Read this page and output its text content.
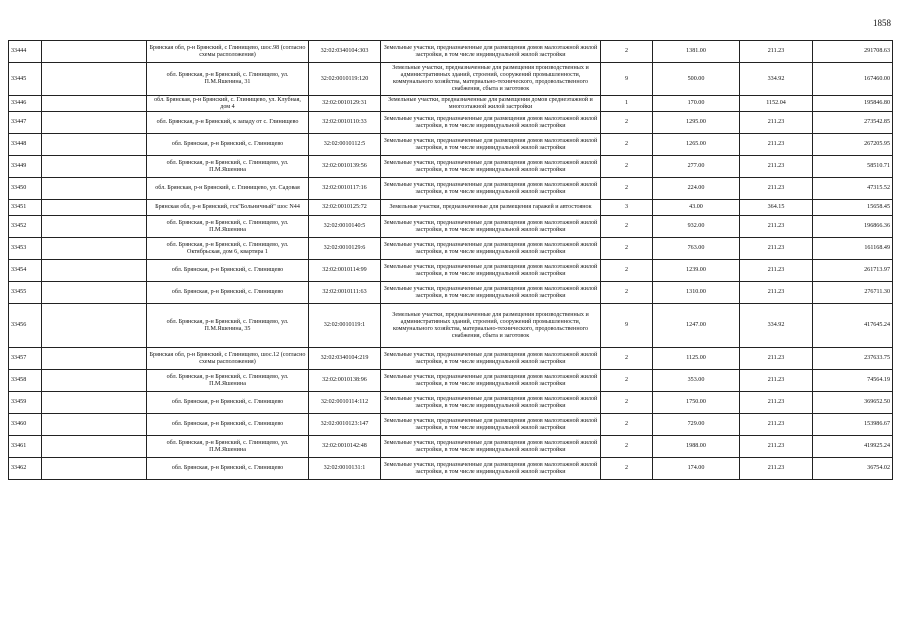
1858
33444		Брянская обл, р-н Брянский, с Глинищево, шос.98 (согласно схемы расположения)	32:02:0340104:303	Земельные участки, предназначенные для размещения домов малоэтажной жилой застройки, в том числе индивидуальной жилой застройки	2	1381.00	211.23	291708.63
33445		обл. Брянская, р-н Брянский, с. Глинищево, ул. П.М.Яшенина, 31	32:02:0010119:120	Земельные участки, предназначенные для размещения производственных и административных зданий, строений, сооружений промышленности, коммунального хозяйства, материально-технического, продовольственного снабжения, сбыта и заготовок	9	500.00	334.92	167460.00
33446		обл. Брянская, р-н Брянский, с. Глинищево, ул. Клубная, дом 4	32:02:0010129:31	Земельные участки, предназначенные для размещения домов среднеэтажной и многоэтажной жилой застройки	1	170.00	1152.04	195846.80
33447		обл. Брянская, р-н Брянский, к западу от с. Глинищево	32:02:0010110:33	Земельные участки, предназначенные для размещения домов малоэтажной жилой застройки, в том числе индивидуальной жилой застройки	2	1295.00	211.23	273542.85
33448		обл. Брянская, р-н Брянский, с. Глинищево	32:02:0010112:5	Земельные участки, предназначенные для размещения домов малоэтажной жилой застройки, в том числе индивидуальной жилой застройки	2	1265.00	211.23	267205.95
33449		обл. Брянская, р-н Брянский, с. Глинищево, ул. П.М.Яшенина	32:02:0010139:56	Земельные участки, предназначенные для размещения домов малоэтажной жилой застройки, в том числе индивидуальной жилой застройки	2	277.00	211.23	58510.71
33450		обл. Брянская, р-н Брянский, с. Глинищево, ул. Садовая	32:02:0010117:16	Земельные участки, предназначенные для размещения домов малоэтажной жилой застройки, в том числе индивидуальной жилой застройки	2	224.00	211.23	47315.52
33451		Брянская обл, р-н Брянский, гск"Больничный" шос N44	32:02:0010125:72	Земельные участки, предназначенные для размещения гаражей и автостоянок	3	43.00	364.15	15658.45
33452		обл. Брянская, р-н Брянский, с. Глинищево, ул. П.М.Яшенина	32:02:0010140:5	Земельные участки, предназначенные для размещения домов малоэтажной жилой застройки, в том числе индивидуальной жилой застройки	2	932.00	211.23	196866.36
33453		обл. Брянская, р-н Брянский, с. Глинищево, ул. Октябрьская, дом 6, квартира 1	32:02:0010129:6	Земельные участки, предназначенные для размещения домов малоэтажной жилой застройки, в том числе индивидуальной жилой застройки	2	763.00	211.23	161168.49
33454		обл. Брянская, р-н Брянский, с. Глинищево	32:02:0010114:99	Земельные участки, предназначенные для размещения домов малоэтажной жилой застройки, в том числе индивидуальной жилой застройки	2	1239.00	211.23	261713.97
33455		обл. Брянская, р-н Брянский, с. Глинищево	32:02:0010111:63	Земельные участки, предназначенные для размещения домов малоэтажной жилой застройки, в том числе индивидуальной жилой застройки	2	1310.00	211.23	276711.30
33456		обл. Брянская, р-н Брянский, с. Глинищево, ул. П.М.Яшенина, 35	32:02:0010119:1	Земельные участки, предназначенные для размещения производственных и административных зданий, строений, сооружений промышленности, коммунального хозяйства, материально-технического, продовольственного снабжения, сбыта и заготовок	9	1247.00	334.92	417645.24
33457		Брянская обл, р-н Брянский, с Глинищево, шос.12 (согласно схемы расположения)	32:02:0340104:219	Земельные участки, предназначенные для размещения домов малоэтажной жилой застройки, в том числе индивидуальной жилой застройки	2	1125.00	211.23	237633.75
33458		обл. Брянская, р-н Брянский, с. Глинищево, ул. П.М.Яшенина	32:02:0010138:96	Земельные участки, предназначенные для размещения домов малоэтажной жилой застройки, в том числе индивидуальной жилой застройки	2	353.00	211.23	74564.19
33459		обл. Брянская, р-н Брянский, с. Глинищево	32:02:0010114:112	Земельные участки, предназначенные для размещения домов малоэтажной жилой застройки, в том числе индивидуальной жилой застройки	2	1750.00	211.23	369652.50
33460		обл. Брянская, р-н Брянский, с. Глинищево	32:02:0010123:147	Земельные участки, предназначенные для размещения домов малоэтажной жилой застройки, в том числе индивидуальной жилой застройки	2	729.00	211.23	153986.67
33461		обл. Брянская, р-н Брянский, с. Глинищево, ул. П.М.Яшенина	32:02:0010142:48	Земельные участки, предназначенные для размещения домов малоэтажной жилой застройки, в том числе индивидуальной жилой застройки	2	1988.00	211.23	419925.24
33462		обл. Брянская, р-н Брянский, с. Глинищево	32:02:0010131:1	Земельные участки, предназначенные для размещения домов малоэтажной жилой застройки, в том числе индивидуальной жилой застройки	2	174.00	211.23	36754.02
